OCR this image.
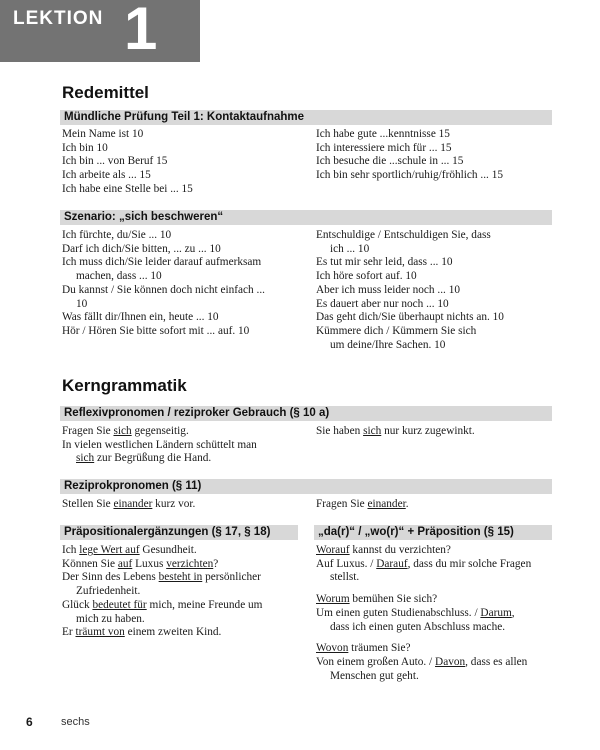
LEKTION 1
Redemittel
Mündliche Prüfung Teil 1: Kontaktaufnahme
Mein Name ist 10
Ich bin 10
Ich bin ... von Beruf 15
Ich arbeite als ... 15
Ich habe eine Stelle bei ... 15
Ich habe gute ...kenntnisse 15
Ich interessiere mich für ... 15
Ich besuche die ...schule in ... 15
Ich bin sehr sportlich/ruhig/fröhlich ... 15
Szenario: „sich beschweren“
Ich fürchte, du/Sie ... 10
Darf ich dich/Sie bitten, ... zu ... 10
Ich muss dich/Sie leider darauf aufmerksam
machen, dass ... 10
Du kannst / Sie können doch nicht einfach ...
10
Was fällt dir/Ihnen ein, heute ... 10
Hör / Hören Sie bitte sofort mit ... auf. 10
Entschuldige / Entschuldigen Sie, dass
ich ... 10
Es tut mir sehr leid, dass ... 10
Ich höre sofort auf. 10
Aber ich muss leider noch ... 10
Es dauert aber nur noch ... 10
Das geht dich/Sie überhaupt nichts an. 10
Kümmere dich / Kümmern Sie sich
um deine/Ihre Sachen. 10
Kerngrammatik
Reflexivpronomen / reziproker Gebrauch (§ 10 a)
Fragen Sie sich gegenseitig.
In vielen westlichen Ländern schüttelt man
sich zur Begrüßung die Hand.
Sie haben sich nur kurz zugewinkt.
Reziprokpronomen (§ 11)
Stellen Sie einander kurz vor.	Fragen Sie einander.
Präpositionalergänzungen (§ 17, § 18)	„da(r)“ / „wo(r)“ + Präposition (§ 15)
Ich lege Wert auf Gesundheit.
Können Sie auf Luxus verzichten?
Der Sinn des Lebens besteht in persönlicher
Zufriedenheit.
Glück bedeutet für mich, meine Freunde um
mich zu haben.
Er träumt von einem zweiten Kind.
Worauf kannst du verzichten?
Auf Luxus. / Darauf, dass du mir solche Fragen
stellst.
Worum bemühen Sie sich?
Um einen guten Studienabschluss. / Darum,
dass ich einen guten Abschluss mache.
Wovon träumen Sie?
Von einem großen Auto. / Davon, dass es allen
Menschen gut geht.
6	sechs
